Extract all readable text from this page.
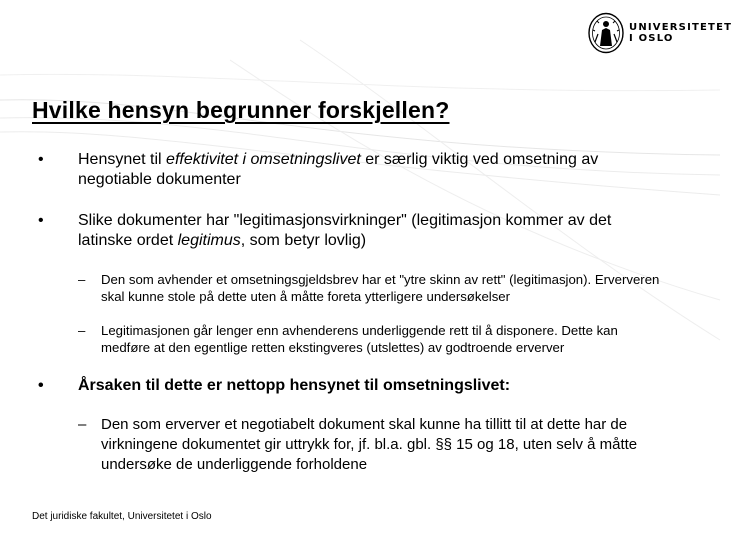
UNIVERSITETET
I OSLO
Hvilke hensyn begrunner forskjellen?
• Hensynet til effektivitet i omsetningslivet er særlig viktig ved omsetning av negotiable dokumenter
• Slike dokumenter har "legitimasjonsvirkninger" (legitimasjon kommer av det latinske ordet legitimus, som betyr lovlig)
– Den som avhender et omsetningsgjeldsbrev har et "ytre skinn av rett" (legitimasjon). Erververen skal kunne stole på dette uten å måtte foreta ytterligere undersøkelser
– Legitimasjonen går lenger enn avhenderens underliggende rett til å disponere. Dette kan medføre at den egentlige retten ekstingveres (utslettes) av godtroende erverver
• Årsaken til dette er nettopp hensynet til omsetningslivet:
– Den som erverver et negotiabelt dokument skal kunne ha tillitt til at dette har de virkningene dokumentet gir uttrykk for, jf. bl.a. gbl. §§ 15 og 18, uten selv å måtte undersøke de underliggende forholdene
Det juridiske fakultet, Universitetet i Oslo
